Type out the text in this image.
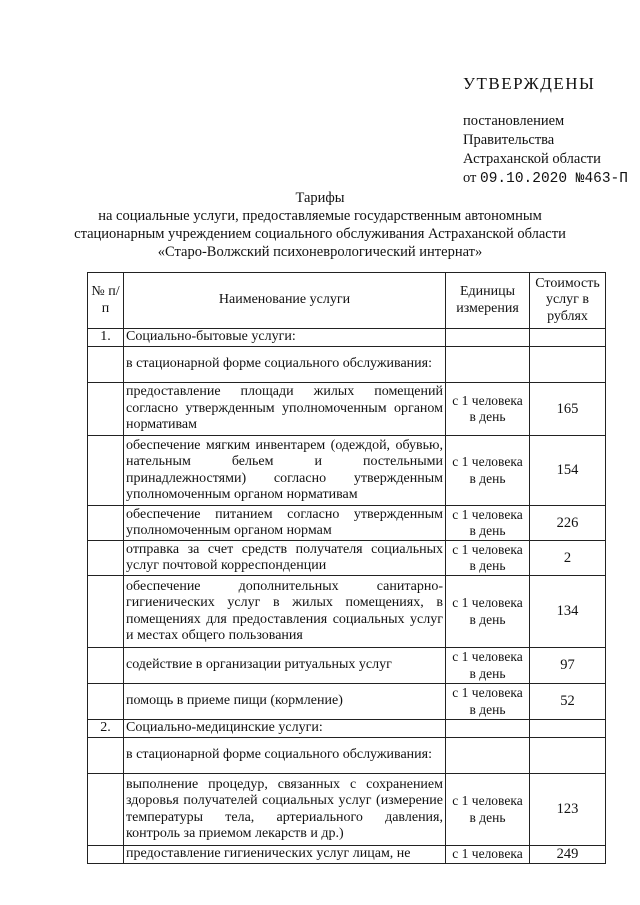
УТВЕРЖДЕНЫ
постановлением
Правительства
Астраханской области
от 09.10.2020 №463-П
Тарифы
на социальные услуги, предоставляемые государственным автономным
стационарным учреждением социального обслуживания Астраханской области
«Старо-Волжский психоневрологический интернат»
№ п/п	Наименование услуги	Единицы измерения	Стоимость услуг в рублях
1.	Социально-бытовые услуги:		
	в стационарной форме социального обслуживания:		
	предоставление площади жилых помещений согласно утвержденным уполномоченным органом нормативам	с 1 человека в день	165
	обеспечение мягким инвентарем (одеждой, обувью, нательным бельем и постельными принадлежностями) согласно утвержденным уполномоченным органом нормативам	с 1 человека в день	154
	обеспечение питанием согласно утвержденным уполномоченным органом нормам	с 1 человека в день	226
	отправка за счет средств получателя социальных услуг почтовой корреспонденции	с 1 человека в день	2
	обеспечение дополнительных санитарно-гигиенических услуг в жилых помещениях, в помещениях для предоставления социальных услуг и местах общего пользования	с 1 человека в день	134
	содействие в организации ритуальных услуг	с 1 человека в день	97
	помощь в приеме пищи (кормление)	с 1 человека в день	52
2.	Социально-медицинские услуги:		
	в стационарной форме социального обслуживания:		
	выполнение процедур, связанных с сохранением здоровья получателей социальных услуг (измерение температуры тела, артериального давления, контроль за приемом лекарств и др.)	с 1 человека в день	123
	предоставление гигиенических услуг лицам, не	с 1 человека	249
